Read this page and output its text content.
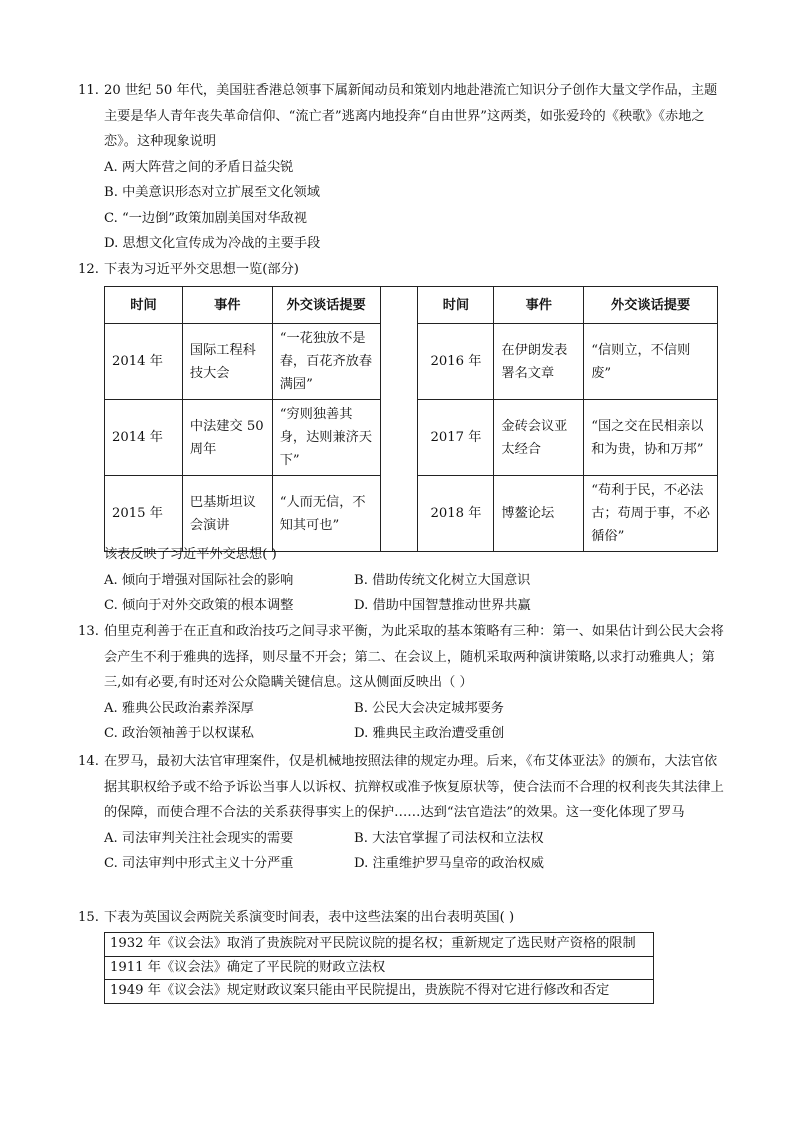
11. 20 世纪 50 年代，美国驻香港总领事下属新闻动员和策划内地赴港流亡知识分子创作大量文学作品，主题主要是华人青年丧失革命信仰、“流亡者”逃离内地投奔“自由世界”这两类，如张爱玲的《秧歌》《赤地之恋》。这种现象说明
A. 两大阵营之间的矛盾日益尖锐
B. 中美意识形态对立扩展至文化领域
C. “一边倒”政策加剧美国对华敌视
D. 思想文化宣传成为冷战的主要手段
12. 下表为习近平外交思想一览(部分)
时间	事件	外交谈话提要		时间	事件	外交谈话提要
2014 年	国际工程科技大会	“一花独放不是春，百花齐放春满园”		2016 年	在伊朗发表署名文章	“信则立，不信则废”
2014 年	中法建交 50 周年	“穷则独善其身，达则兼济天下”		2017 年	金砖会议亚太经合	“国之交在民相亲以和为贵，协和万邦”
2015 年	巴基斯坦议会演讲	“人而无信，不知其可也”		2018 年	博鳌论坛	“苟利于民，不必法古；苟周于事，不必循俗”
该表反映了习近平外交思想( )
A. 倾向于增强对国际社会的影响	B. 借助传统文化树立大国意识
C. 倾向于对外交政策的根本调整	D. 借助中国智慧推动世界共赢
13. 伯里克利善于在正直和政治技巧之间寻求平衡，为此采取的基本策略有三种：第一、如果估计到公民大会将会产生不利于雅典的选择，则尽量不开会；第二、在会议上，随机采取两种演讲策略,以求打动雅典人；第三,如有必要,有时还对公众隐瞒关键信息。这从侧面反映出（ ）
A. 雅典公民政治素养深厚	B. 公民大会决定城邦要务
C. 政治领袖善于以权谋私	D. 雅典民主政治遭受重创
14. 在罗马，最初大法官审理案件，仅是机械地按照法律的规定办理。后来，《布艾体亚法》的颁布，大法官依据其职权给予或不给予诉讼当事人以诉权、抗辩权或准予恢复原状等，使合法而不合理的权利丧失其法律上的保障，而使合理不合法的关系获得事实上的保护……达到“法官造法”的效果。这一变化体现了罗马
A. 司法审判关注社会现实的需要	B. 大法官掌握了司法权和立法权
C. 司法审判中形式主义十分严重	D. 注重维护罗马皇帝的政治权威
15. 下表为英国议会两院关系演变时间表，表中这些法案的出台表明英国( )
1932 年《议会法》取消了贵族院对平民院议院的提名权；重新规定了选民财产资格的限制
1911 年《议会法》确定了平民院的财政立法权
1949 年《议会法》规定财政议案只能由平民院提出，贵族院不得对它进行修改和否定
